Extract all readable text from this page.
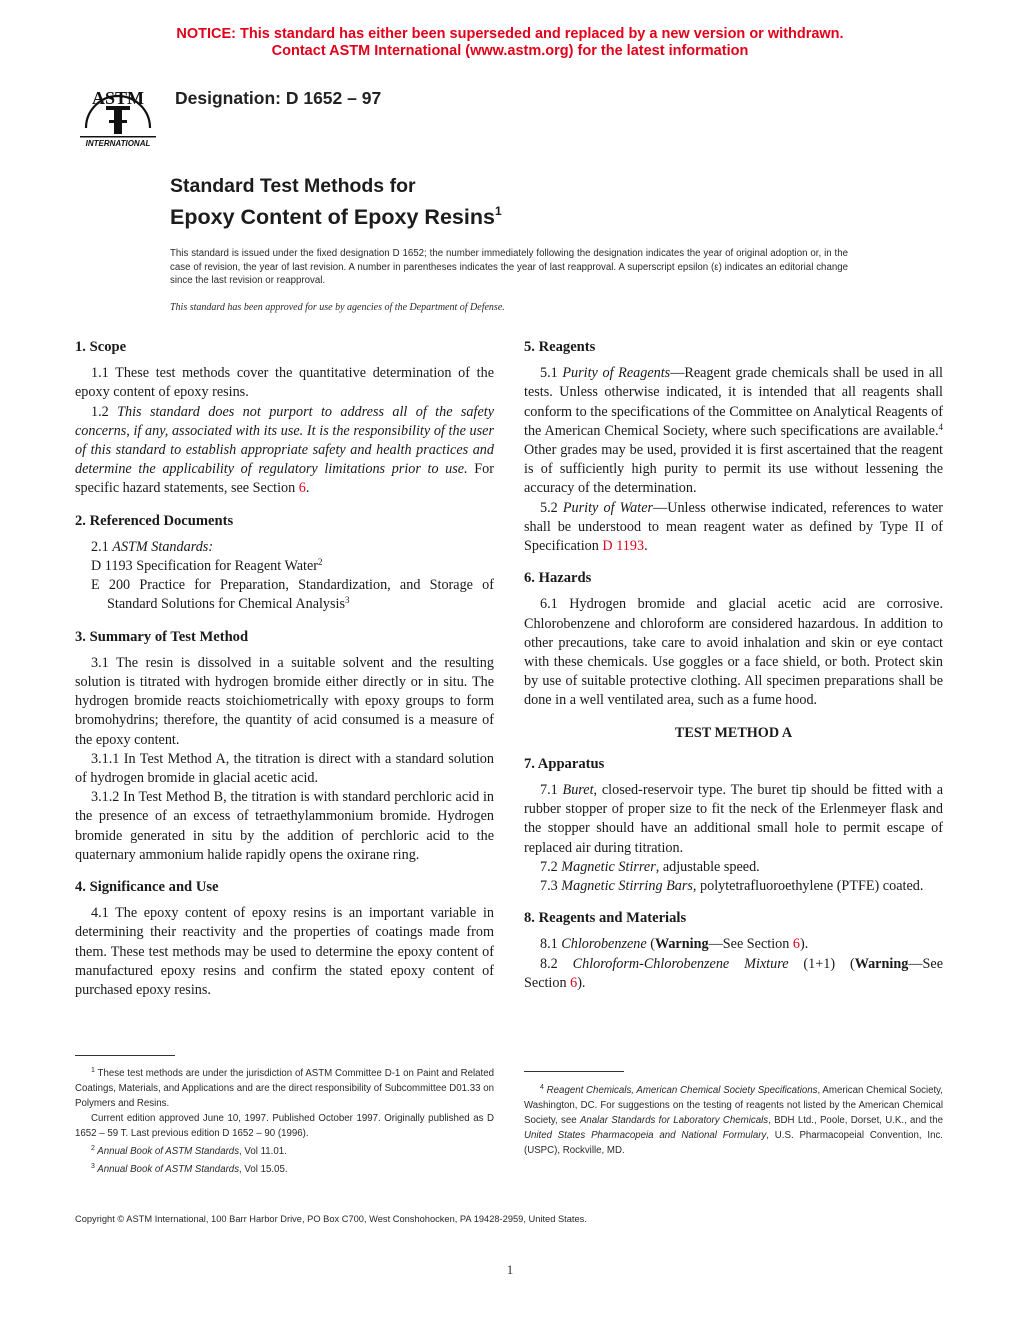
NOTICE: This standard has either been superseded and replaced by a new version or withdrawn.
Contact ASTM International (www.astm.org) for the latest information
ASTM
INTERNATIONAL
Designation: D 1652 – 97
Standard Test Methods for
Epoxy Content of Epoxy Resins$^1$
This standard is issued under the fixed designation D 1652; the number immediately following the designation indicates the year of original adoption or, in the case of revision, the year of last revision. A number in parentheses indicates the year of last reapproval. A superscript epsilon (ε) indicates an editorial change since the last revision or reapproval.
This standard has been approved for use by agencies of the Department of Defense.

1. Scope

1.1 These test methods cover the quantitative determination of the epoxy content of epoxy resins.

1.2 This standard does not purport to address all of the safety concerns, if any, associated with its use. It is the responsibility of the user of this standard to establish appropriate safety and health practices and determine the applicability of regulatory limitations prior to use. For specific hazard statements, see Section 6.

2. Referenced Documents

2.1 ASTM Standards:

D 1193 Specification for Reagent Water$^2$

E 200 Practice for Preparation, Standardization, and Storage of Standard Solutions for Chemical Analysis$^3$

3. Summary of Test Method

3.1 The resin is dissolved in a suitable solvent and the resulting solution is titrated with hydrogen bromide either directly or in situ. The hydrogen bromide reacts stoichiometrically with epoxy groups to form bromohydrins; therefore, the quantity of acid consumed is a measure of the epoxy content.

3.1.1 In Test Method A, the titration is direct with a standard solution of hydrogen bromide in glacial acetic acid.

3.1.2 In Test Method B, the titration is with standard perchloric acid in the presence of an excess of tetraethylammonium bromide. Hydrogen bromide generated in situ by the addition of perchloric acid to the quaternary ammonium halide rapidly opens the oxirane ring.

4. Significance and Use

4.1 The epoxy content of epoxy resins is an important variable in determining their reactivity and the properties of coatings made from them. These test methods may be used to determine the epoxy content of manufactured epoxy resins and confirm the stated epoxy content of purchased epoxy resins.

5. Reagents

5.1 Purity of Reagents—Reagent grade chemicals shall be used in all tests. Unless otherwise indicated, it is intended that all reagents shall conform to the specifications of the Committee on Analytical Reagents of the American Chemical Society, where such specifications are available.$^4$ Other grades may be used, provided it is first ascertained that the reagent is of sufficiently high purity to permit its use without lessening the accuracy of the determination.

5.2 Purity of Water—Unless otherwise indicated, references to water shall be understood to mean reagent water as defined by Type II of Specification D 1193.

6. Hazards

6.1 Hydrogen bromide and glacial acetic acid are corrosive. Chlorobenzene and chloroform are considered hazardous. In addition to other precautions, take care to avoid inhalation and skin or eye contact with these chemicals. Use goggles or a face shield, or both. Protect skin by use of suitable protective clothing. All specimen preparations shall be done in a well ventilated area, such as a fume hood.

TEST METHOD A

7. Apparatus

7.1 Buret, closed-reservoir type. The buret tip should be fitted with a rubber stopper of proper size to fit the neck of the Erlenmeyer flask and the stopper should have an additional small hole to permit escape of replaced air during titration.

7.2 Magnetic Stirrer, adjustable speed.

7.3 Magnetic Stirring Bars, polytetrafluoroethylene (PTFE) coated.

8. Reagents and Materials

8.1 Chlorobenzene (Warning—See Section 6).

8.2 Chloroform-Chlorobenzene Mixture (1+1) (Warning—See Section 6).

$^1$ These test methods are under the jurisdiction of ASTM Committee D-1 on Paint and Related Coatings, Materials, and Applications and are the direct responsibility of Subcommittee D01.33 on Polymers and Resins.

Current edition approved June 10, 1997. Published October 1997. Originally published as D 1652 – 59 T. Last previous edition D 1652 – 90 (1996).

$^2$ Annual Book of ASTM Standards, Vol 11.01.

$^3$ Annual Book of ASTM Standards, Vol 15.05.

$^4$ Reagent Chemicals, American Chemical Society Specifications, American Chemical Society, Washington, DC. For suggestions on the testing of reagents not listed by the American Chemical Society, see Analar Standards for Laboratory Chemicals, BDH Ltd., Poole, Dorset, U.K., and the United States Pharmacopeia and National Formulary, U.S. Pharmacopeial Convention, Inc. (USPC), Rockville, MD.

Copyright © ASTM International, 100 Barr Harbor Drive, PO Box C700, West Conshohocken, PA 19428-2959, United States.
1
